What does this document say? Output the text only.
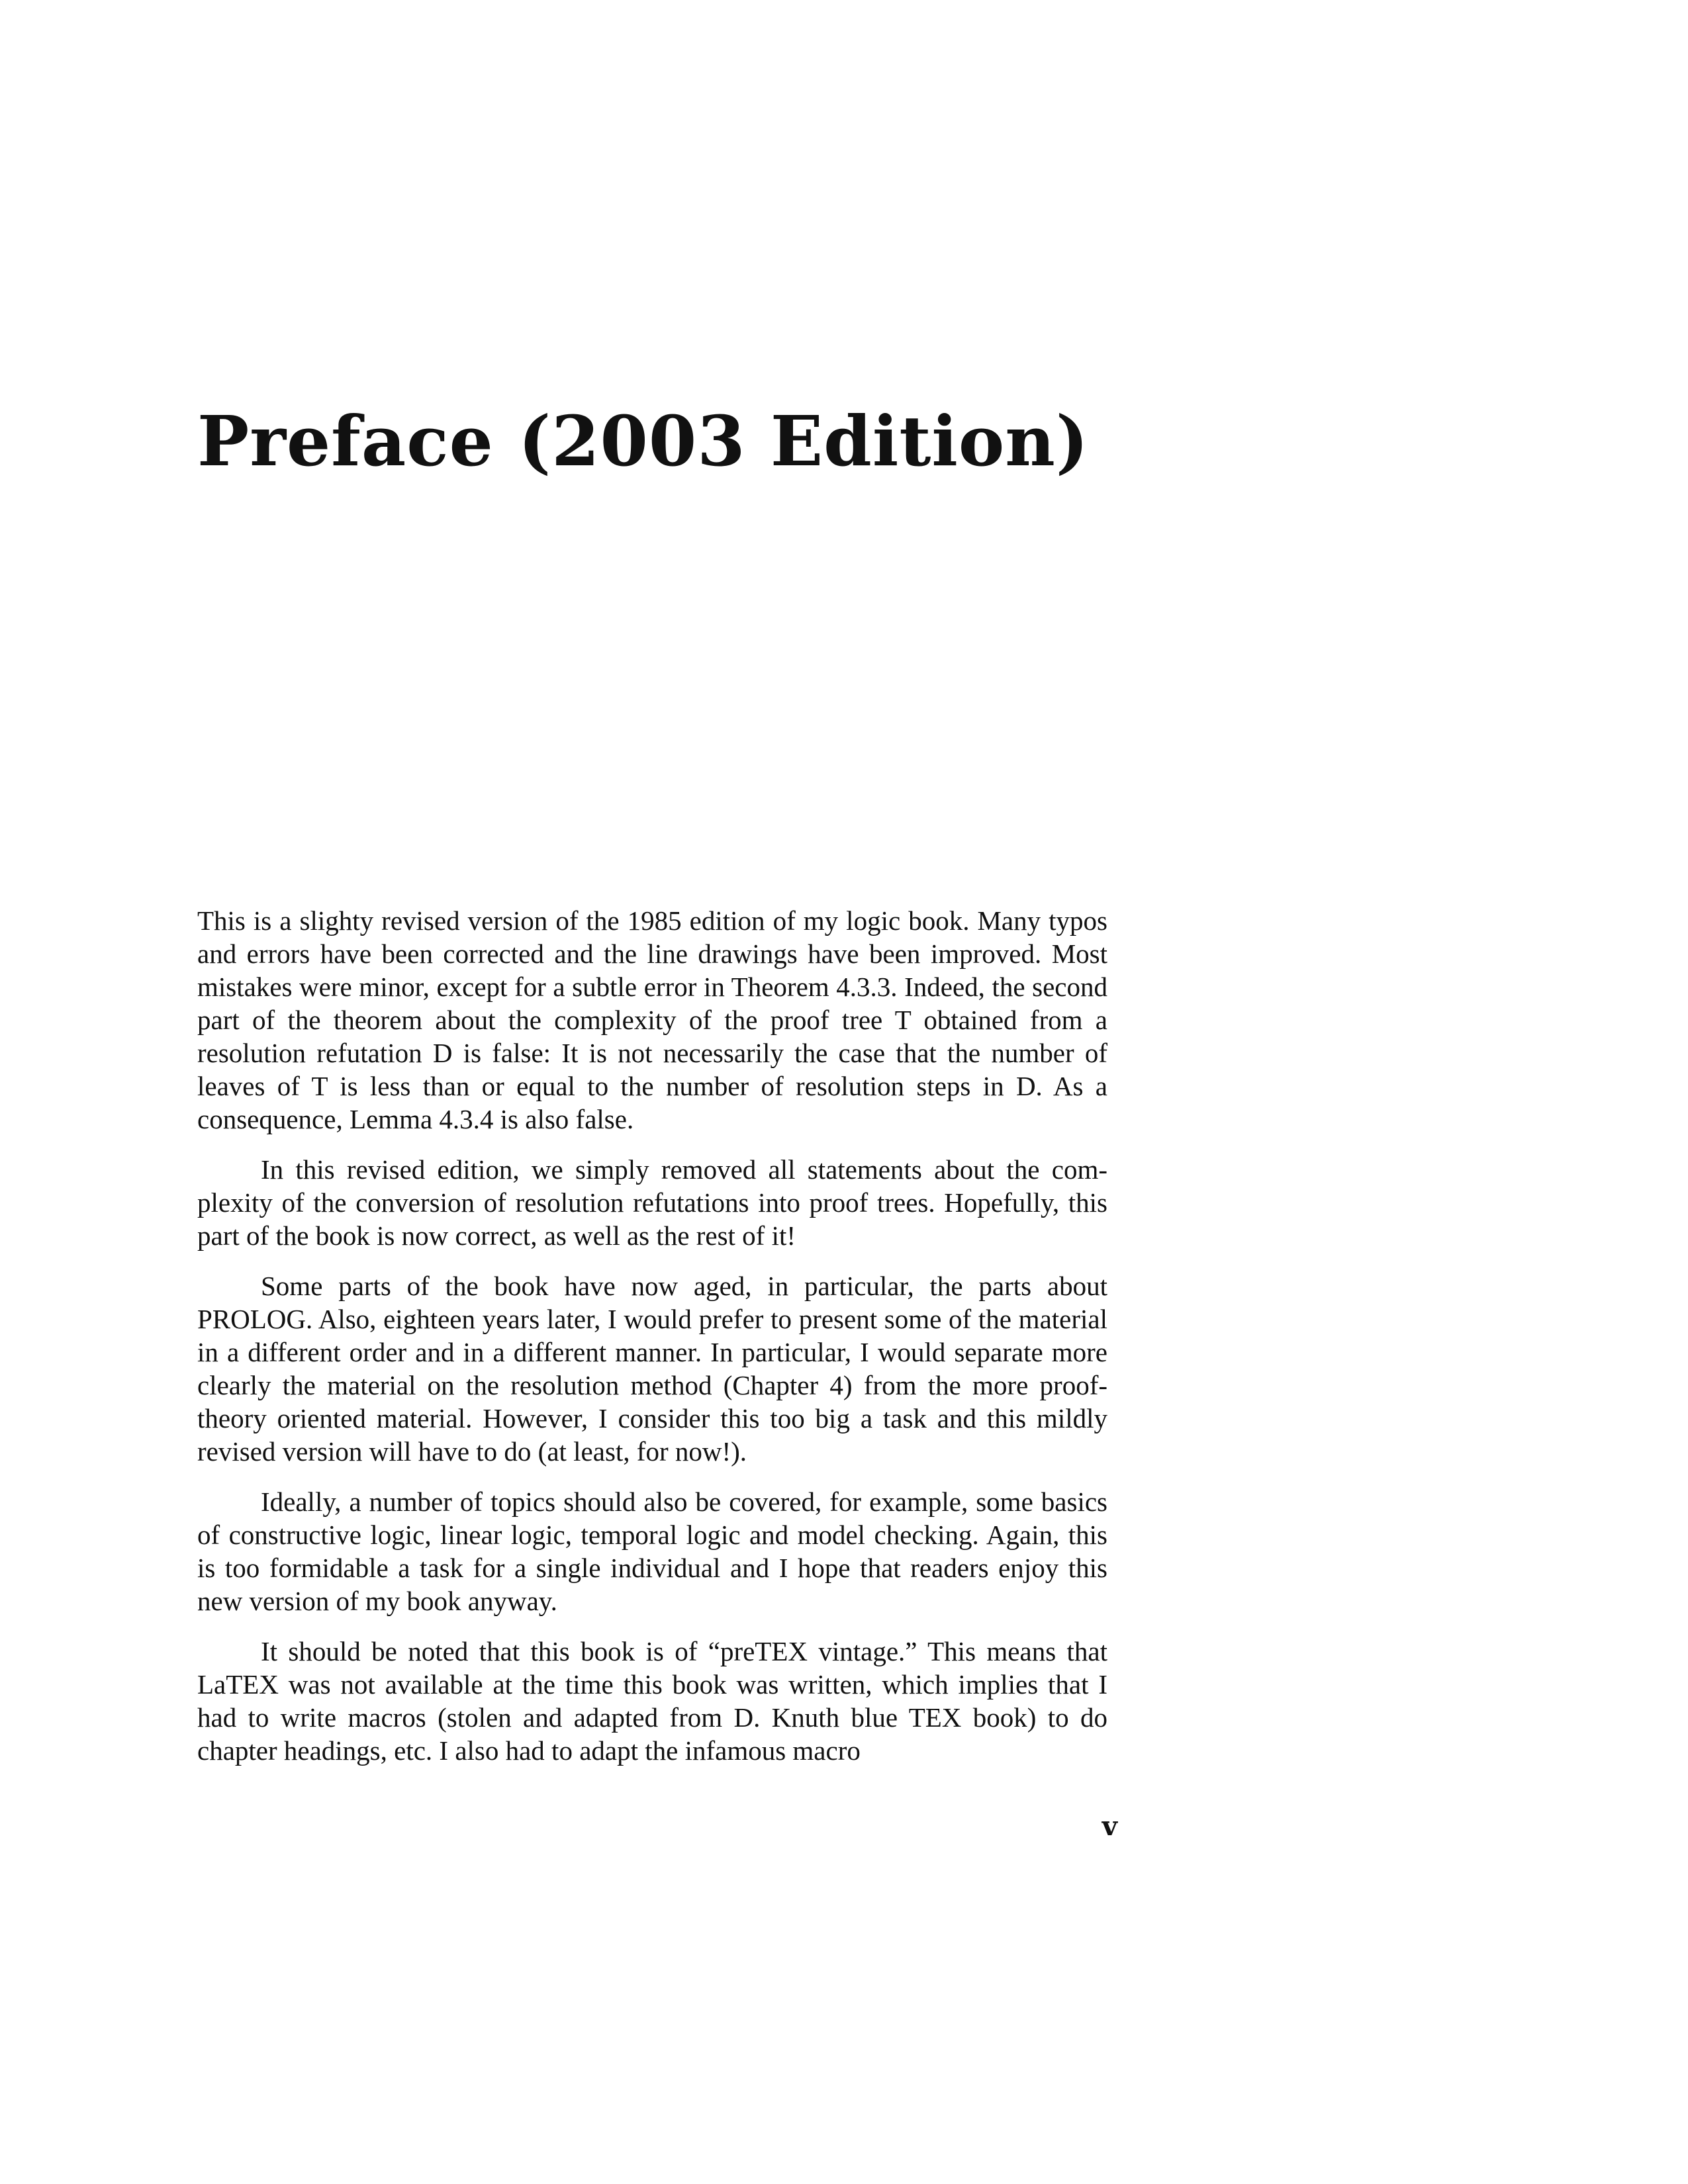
Preface (2003 Edition)

This is a slighty revised version of the 1985 edition of my logic book. Many typos and errors have been corrected and the line drawings have been improved. Most mistakes were minor, except for a subtle error in Theorem 4.3.3. Indeed, the second part of the theorem about the complexity of the proof tree T obtained from a resolution refutation D is false: It is not necessarily the case that the number of leaves of T is less than or equal to the number of resolution steps in D. As a consequence, Lemma 4.3.4 is also false.

In this revised edition, we simply removed all statements about the complexity of the conversion of resolution refutations into proof trees. Hopefully, this part of the book is now correct, as well as the rest of it!

Some parts of the book have now aged, in particular, the parts about PROLOG. Also, eighteen years later, I would prefer to present some of the material in a different order and in a different manner. In particular, I would separate more clearly the material on the resolution method (Chapter 4) from the more proof-theory oriented material. However, I consider this too big a task and this mildly revised version will have to do (at least, for now!).

Ideally, a number of topics should also be covered, for example, some basics of constructive logic, linear logic, temporal logic and model checking. Again, this is too formidable a task for a single individual and I hope that readers enjoy this new version of my book anyway.

It should be noted that this book is of “preTEX vintage.” This means that LaTEX was not available at the time this book was written, which implies that I had to write macros (stolen and adapted from D. Knuth blue TEX book) to do chapter headings, etc. I also had to adapt the infamous macro

v
